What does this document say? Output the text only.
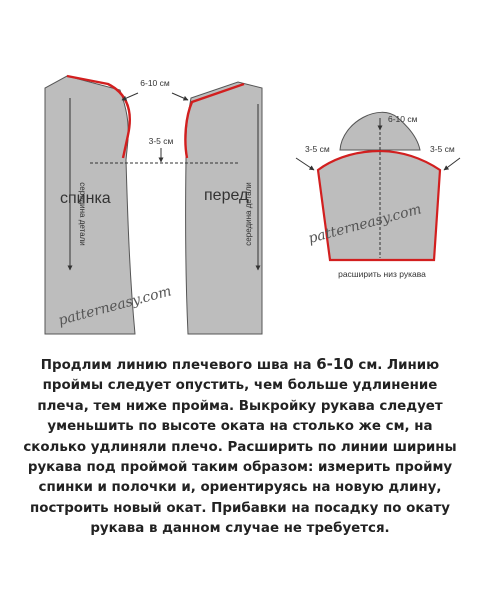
середина детали
спинка	середина детали
перед
6-10 см
3-5 см
6-10 см
3-5 см	3-5 см
расширить низ рукава
patterneasy.com
patterneasy.com
Продлим линию плечевого шва на 6-10 см. Линию проймы следует опустить, чем больше удлинение плеча, тем ниже пройма. Выкройку рукава следует уменьшить по высоте оката на столько же см, на сколько удлиняли плечо. Расширить по линии ширины рукава под проймой таким образом: измерить пройму спинки и полочки и, ориентируясь на новую длину, построить новый окат. Прибавки на посадку по окату рукава в данном случае не требуется.
